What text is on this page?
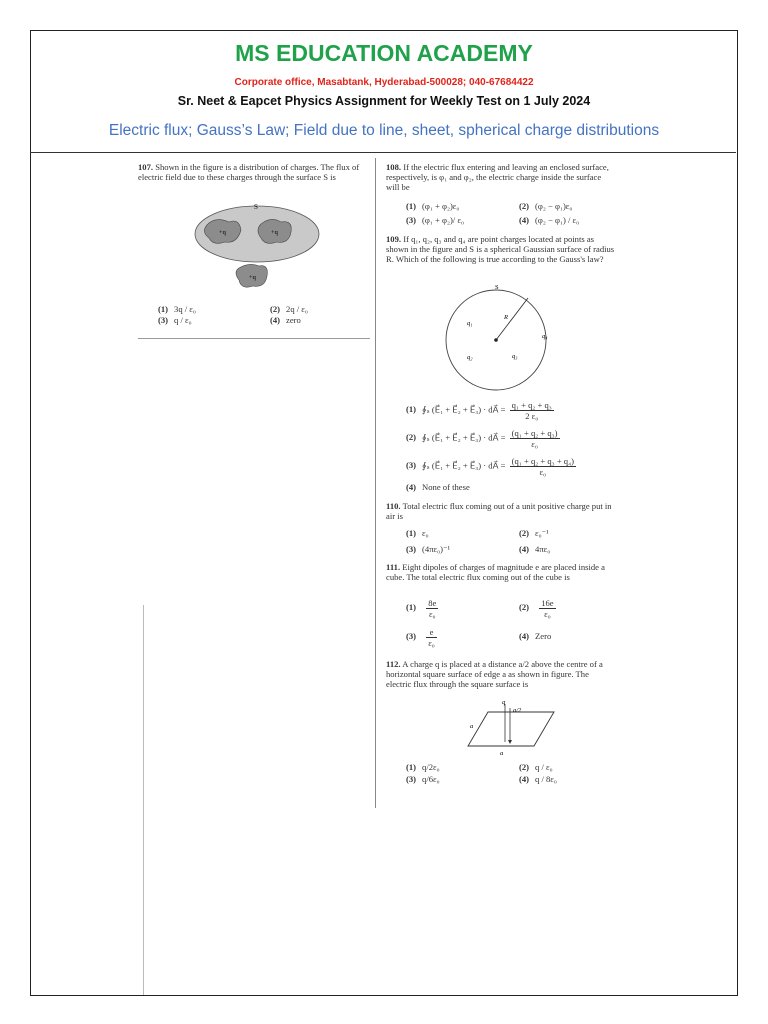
MS EDUCATION ACADEMY
Corporate office, Masabtank, Hyderabad-500028; 040-67684422
Sr. Neet & Eapcet Physics Assignment for Weekly Test on 1 July 2024
Electric flux; Gauss’s Law; Field due to line, sheet, spherical charge distributions
107. Shown in the figure is a distribution of charges. The flux of electric field due to these charges through the surface S is
S
+q	+q
+q
(1) 3q / ε₀	(2) 2q / ε₀
(3) q / ε₀	(4) zero
108. If the electric flux entering and leaving an enclosed surface, respectively, is φ₁ and φ₂, the electric charge inside the surface will be
(1) (φ₁ + φ₂)ε₀	(2) (φ₂ − φ₁)ε₀
(3) (φ₁ + φ₂)/ ε₀	(4) (φ₂ − φ₁) / ε₀
109. If q₁, q₂, q₃ and q₄ are point charges located at points as shown in the figure and S is a spherical Gaussian surface of radius R. Which of the following is true according to the Gauss's law?
S
R
q₁
q₂	q₃
q₄
(1) ∮ₛ (E⃗₁ + E⃗₂ + E⃗₃) · dA⃗ = $\frac{\text{q₁ + q₂ + q₃}}{\text{2 ε₀}}$
(2) ∮ₛ (E⃗₁ + E⃗₂ + E⃗₃) · dA⃗ = $\frac{\text{(q₁ + q₂ + q₃)}}{\text{ε₀}}$
(3) ∮ₛ (E⃗₁ + E⃗₂ + E⃗₃) · dA⃗ = $\frac{\text{(q₁ + q₂ + q₃ + q₄)}}{\text{ε₀}}$
(4) None of these
110. Total electric flux coming out of a unit positive charge put in air is
(1) ε₀	(2) ε₀⁻¹
(3) (4πε₀)⁻¹	(4) 4πε₀
111. Eight dipoles of charges of magnitude e are placed inside a cube. The total electric flux coming out of the cube is
$(1) \frac{8e}{\text{ε₀}}$	$(2) \frac{16e}{\text{ε₀}}$
$(3) \frac{e}{\text{ε₀}}$	(4) Zero
112. A charge q is placed at a distance a/2 above the centre of a horizontal square surface of edge a as shown in figure. The electric flux through the square surface is
q
a/2
a
a
(1) q/2ε₀	(2) q / ε₀
(3) q/6ε₀	(4) q / 8ε₀
